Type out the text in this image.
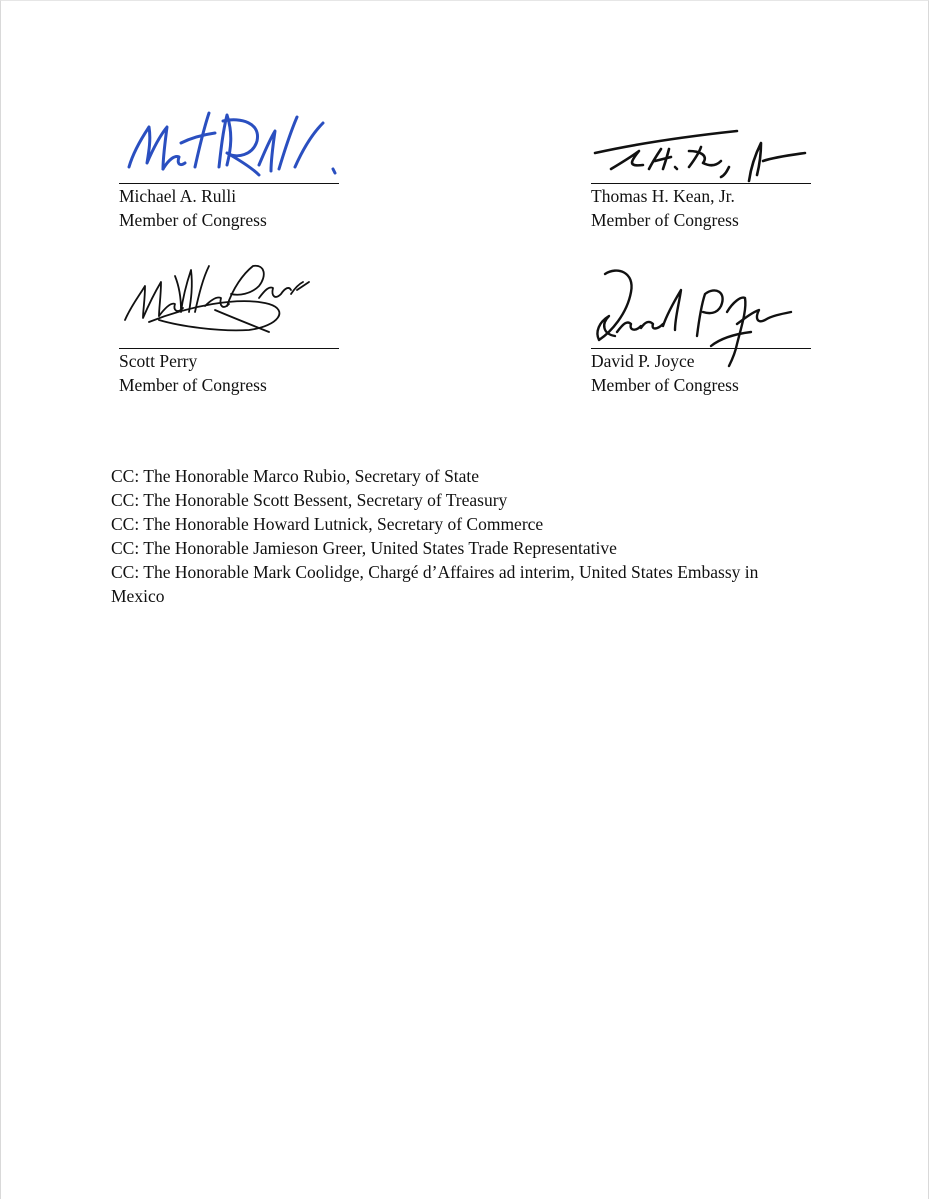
Michael A. Rulli
Member of Congress
Thomas H. Kean, Jr.
Member of Congress
Scott Perry
Member of Congress
David P. Joyce
Member of Congress
CC: The Honorable Marco Rubio, Secretary of State
CC: The Honorable Scott Bessent, Secretary of Treasury
CC: The Honorable Howard Lutnick, Secretary of Commerce
CC: The Honorable Jamieson Greer, United States Trade Representative
CC: The Honorable Mark Coolidge, Chargé d’Affaires ad interim, United States Embassy in
Mexico
